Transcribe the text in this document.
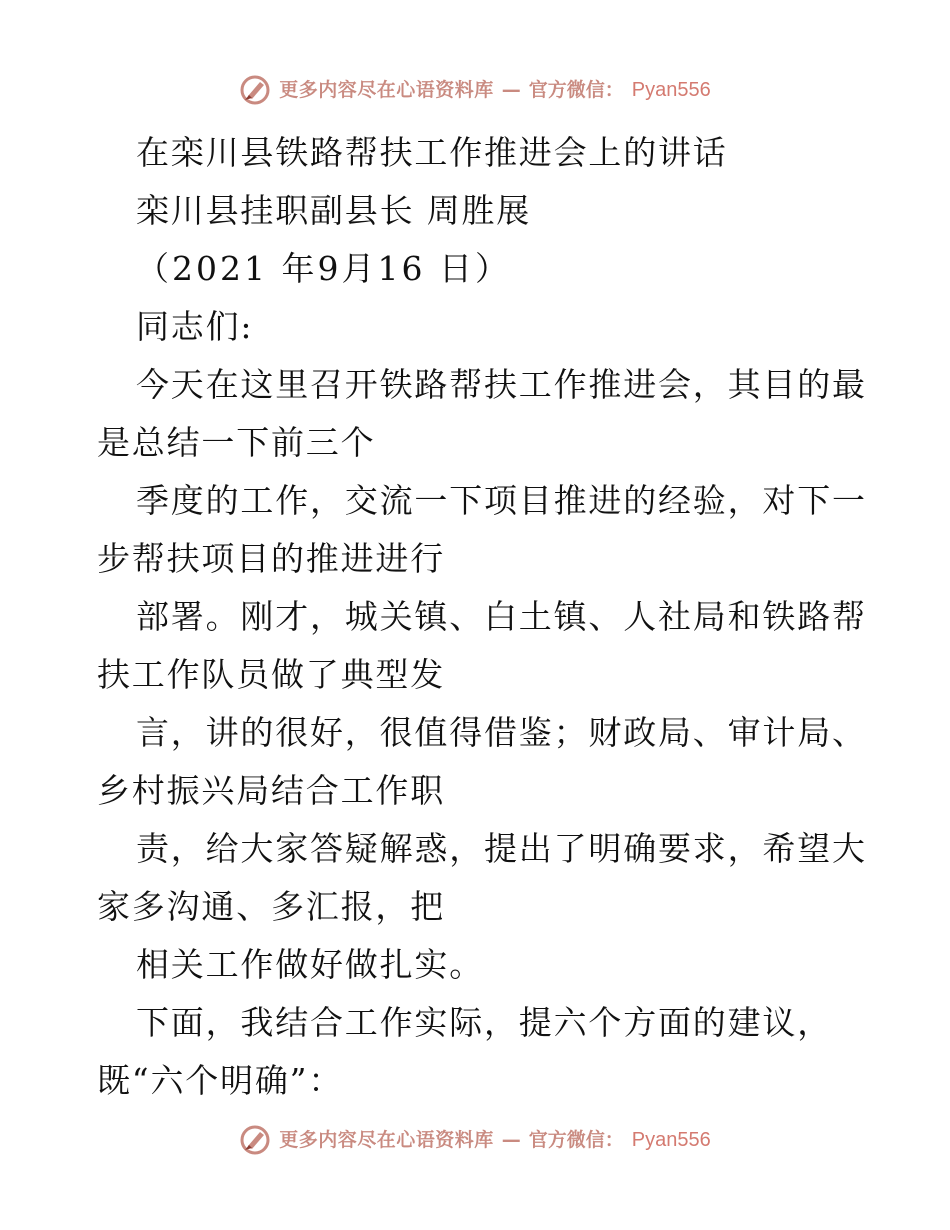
更多内容尽在心语资料库 — 官方微信： Pyan556
在栾川县铁路帮扶工作推进会上的讲话
栾川县挂职副县长 周胜展
（2021 年9月16 日）
同志们:
今天在这里召开铁路帮扶工作推进会，其目的最
是总结一下前三个
季度的工作，交流一下项目推进的经验，对下一
步帮扶项目的推进进行
部署。刚才，城关镇、白土镇、人社局和铁路帮
扶工作队员做了典型发
言，讲的很好，很值得借鉴；财政局、审计局、
乡村振兴局结合工作职
责，给大家答疑解惑，提出了明确要求，希望大
家多沟通、多汇报，把
相关工作做好做扎实。
下面，我结合工作实际，提六个方面的建议，
既“六个明确”：
更多内容尽在心语资料库 — 官方微信： Pyan556
